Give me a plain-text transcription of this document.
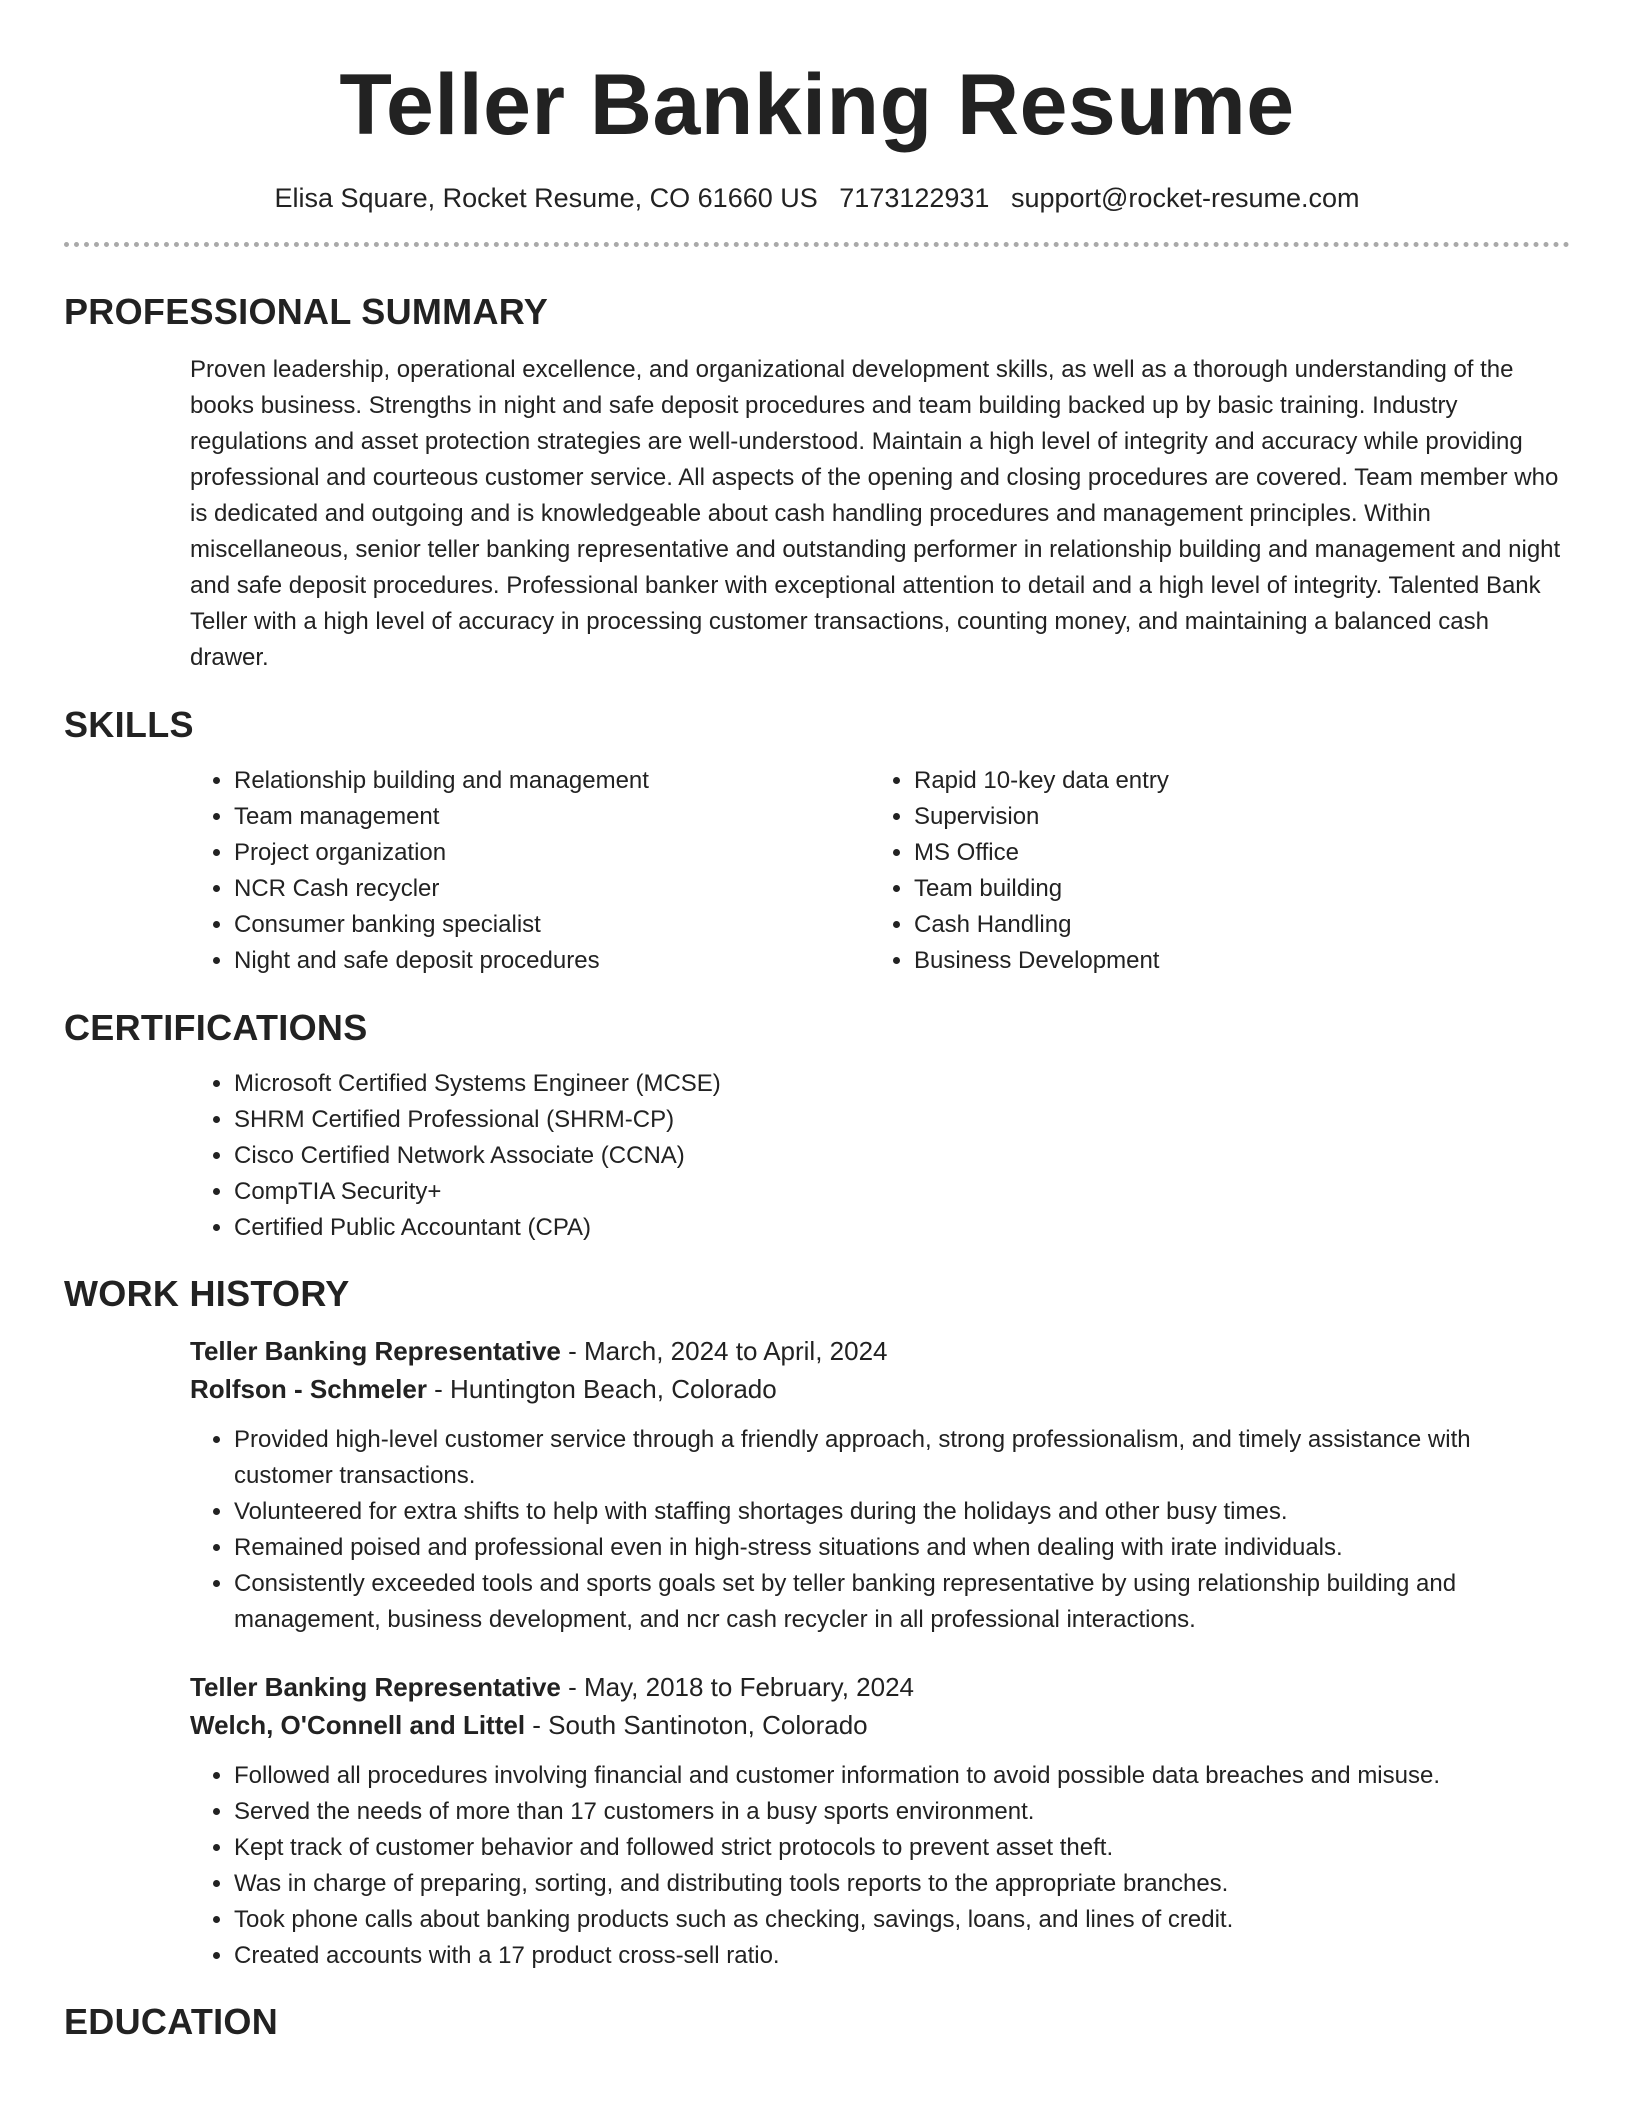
Teller Banking Resume
Elisa Square, Rocket Resume, CO 61660 US 7173122931 support@rocket-resume.com
PROFESSIONAL SUMMARY

Proven leadership, operational excellence, and organizational development skills, as well as a thorough understanding of the books business. Strengths in night and safe deposit procedures and team building backed up by basic training. Industry regulations and asset protection strategies are well-understood. Maintain a high level of integrity and accuracy while providing professional and courteous customer service. All aspects of the opening and closing procedures are covered. Team member who is dedicated and outgoing and is knowledgeable about cash handling procedures and management principles. Within miscellaneous, senior teller banking representative and outstanding performer in relationship building and management and night and safe deposit procedures. Professional banker with exceptional attention to detail and a high level of integrity. Talented Bank Teller with a high level of accuracy in processing customer transactions, counting money, and maintaining a balanced cash drawer.

SKILLS
• Relationship building and management
• Team management
• Project organization
• NCR Cash recycler
• Consumer banking specialist
• Night and safe deposit procedures
• Rapid 10-key data entry
• Supervision
• MS Office
• Team building
• Cash Handling
• Business Development
CERTIFICATIONS
• Microsoft Certified Systems Engineer (MCSE)
• SHRM Certified Professional (SHRM-CP)
• Cisco Certified Network Associate (CCNA)
• CompTIA Security+
• Certified Public Accountant (CPA)
WORK HISTORY
Teller Banking Representative - March, 2024 to April, 2024
Rolfson - Schmeler - Huntington Beach, Colorado
• Provided high-level customer service through a friendly approach, strong professionalism, and timely assistance with customer transactions.
• Volunteered for extra shifts to help with staffing shortages during the holidays and other busy times.
• Remained poised and professional even in high-stress situations and when dealing with irate individuals.
• Consistently exceeded tools and sports goals set by teller banking representative by using relationship building and management, business development, and ncr cash recycler in all professional interactions.
Teller Banking Representative - May, 2018 to February, 2024
Welch, O'Connell and Littel - South Santinoton, Colorado
• Followed all procedures involving financial and customer information to avoid possible data breaches and misuse.
• Served the needs of more than 17 customers in a busy sports environment.
• Kept track of customer behavior and followed strict protocols to prevent asset theft.
• Was in charge of preparing, sorting, and distributing tools reports to the appropriate branches.
• Took phone calls about banking products such as checking, savings, loans, and lines of credit.
• Created accounts with a 17 product cross-sell ratio.
EDUCATION
